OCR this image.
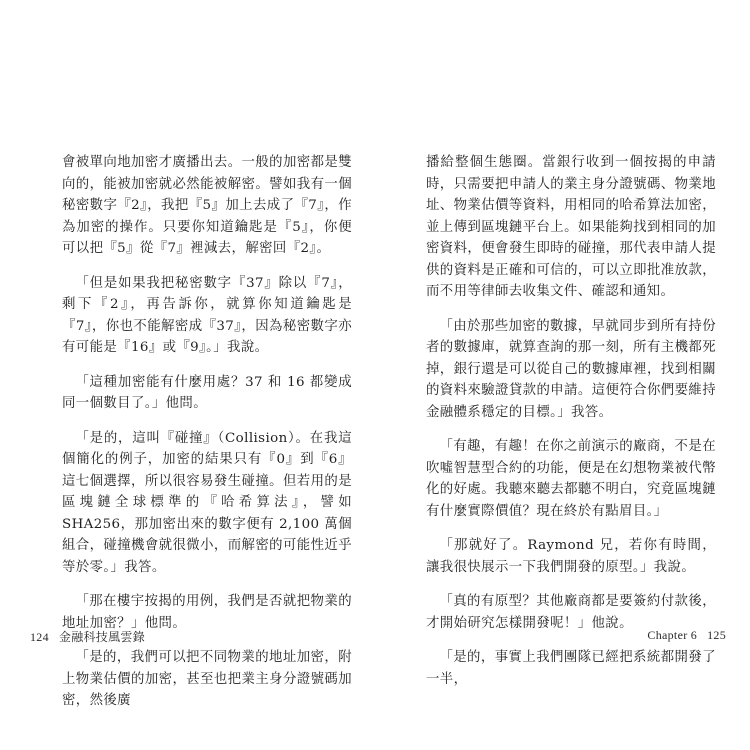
會被單向地加密才廣播出去。一般的加密都是雙向的，能被加密就必然能被解密。譬如我有一個秘密數字『2』，我把『5』加上去成了『7』，作為加密的操作。只要你知道鑰匙是『5』，你便可以把『5』從『7』裡減去，解密回『2』。

「但是如果我把秘密數字『37』除以『7』，剩下『2』，再告訴你，就算你知道鑰匙是『7』，你也不能解密成『37』，因為秘密數字亦有可能是『16』或『9』。」我說。

「這種加密能有什麼用處？37 和 16 都變成同一個數目了。」他問。

「是的，這叫『碰撞』（Collision）。在我這個簡化的例子，加密的結果只有『0』到『6』這七個選擇，所以很容易發生碰撞。但若用的是區塊鏈全球標準的『哈希算法』，譬如 SHA256，那加密出來的數字便有 2,100 萬個組合，碰撞機會就很微小，而解密的可能性近乎等於零。」我答。

「那在樓宇按揭的用例，我們是否就把物業的地址加密？」他問。

「是的，我們可以把不同物業的地址加密，附上物業估價的加密，甚至也把業主身分證號碼加密，然後廣

播給整個生態圈。當銀行收到一個按揭的申請時，只需要把申請人的業主身分證號碼、物業地址、物業估價等資料，用相同的哈希算法加密，並上傳到區塊鏈平台上。如果能夠找到相同的加密資料，便會發生即時的碰撞，那代表申請人提供的資料是正確和可信的，可以立即批准放款，而不用等律師去收集文件、確認和通知。

「由於那些加密的數據，早就同步到所有持份者的數據庫，就算查詢的那一刻，所有主機都死掉，銀行還是可以從自己的數據庫裡，找到相關的資料來驗證貸款的申請。這便符合你們要維持金融體系穩定的目標。」我答。

「有趣，有趣！在你之前演示的廠商，不是在吹噓智慧型合約的功能，便是在幻想物業被代幣化的好處。我聽來聽去都聽不明白，究竟區塊鏈有什麼實際價值？現在終於有點眉目。」

「那就好了。Raymond 兄，若你有時間，讓我很快展示一下我們開發的原型。」我說。

「真的有原型？其他廠商都是要簽約付款後，才開始研究怎樣開發呢！」他說。

「是的，事實上我們團隊已經把系統都開發了一半，

124 金融科技風雲錄	Chapter 6 125
